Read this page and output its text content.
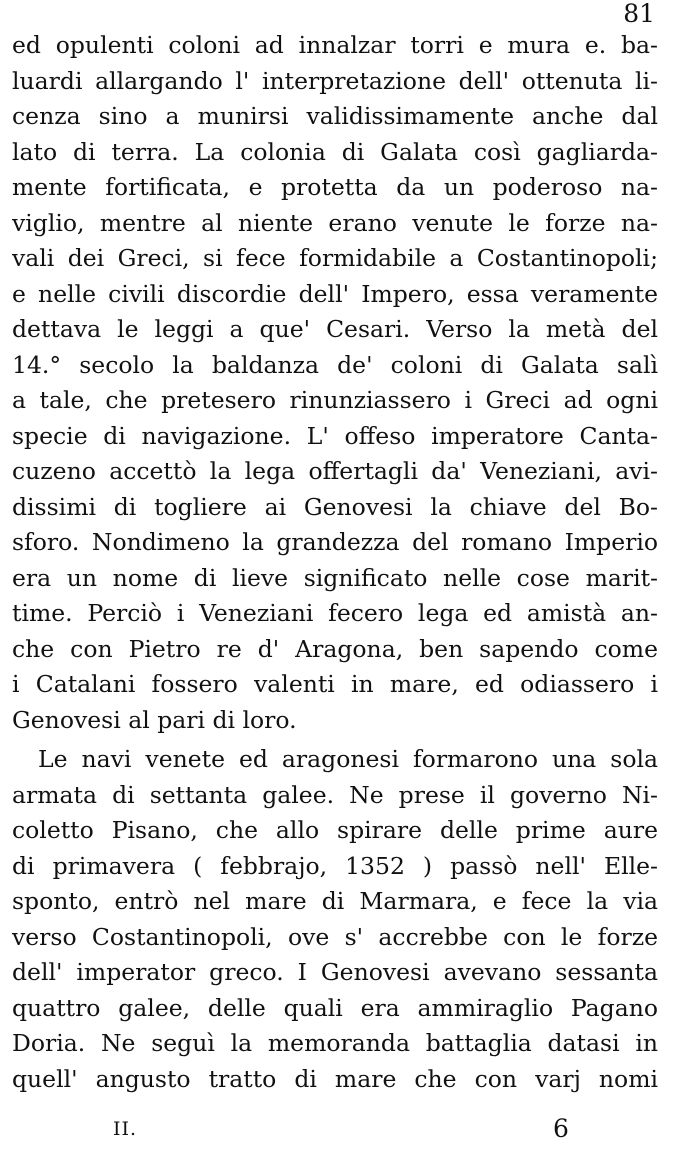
81
ed opulenti coloni ad innalzar torri e mura e. ba-
luardi allargando l' interpretazione dell' ottenuta li-
cenza sino a munirsi validissimamente anche dal
lato di terra. La colonia di Galata così gagliarda-
mente fortificata, e protetta da un poderoso na-
viglio, mentre al niente erano venute le forze na-
vali dei Greci, si fece formidabile a Costantinopoli;
e nelle civili discordie dell' Impero, essa veramente
dettava le leggi a que' Cesari. Verso la metà del
14.° secolo la baldanza de' coloni di Galata salì
a tale, che pretesero rinunziassero i Greci ad ogni
specie di navigazione. L' offeso imperatore Canta-
cuzeno accettò la lega offertagli da' Veneziani, avi-
dissimi di togliere ai Genovesi la chiave del Bo-
sforo. Nondimeno la grandezza del romano Imperio
era un nome di lieve significato nelle cose marit-
time. Perciò i Veneziani fecero lega ed amistà an-
che con Pietro re d' Aragona, ben sapendo come
i Catalani fossero valenti in mare, ed odiassero i
Genovesi al pari di loro.
Le navi venete ed aragonesi formarono una sola
armata di settanta galee. Ne prese il governo Ni-
coletto Pisano, che allo spirare delle prime aure
di primavera ( febbrajo, 1352 ) passò nell' Elle-
sponto, entrò nel mare di Marmara, e fece la via
verso Costantinopoli, ove s' accrebbe con le forze
dell' imperator greco. I Genovesi avevano sessanta
quattro galee, delle quali era ammiraglio Pagano
Doria. Ne seguì la memoranda battaglia datasi in
quell' angusto tratto di mare che con varj nomi
II.	6
